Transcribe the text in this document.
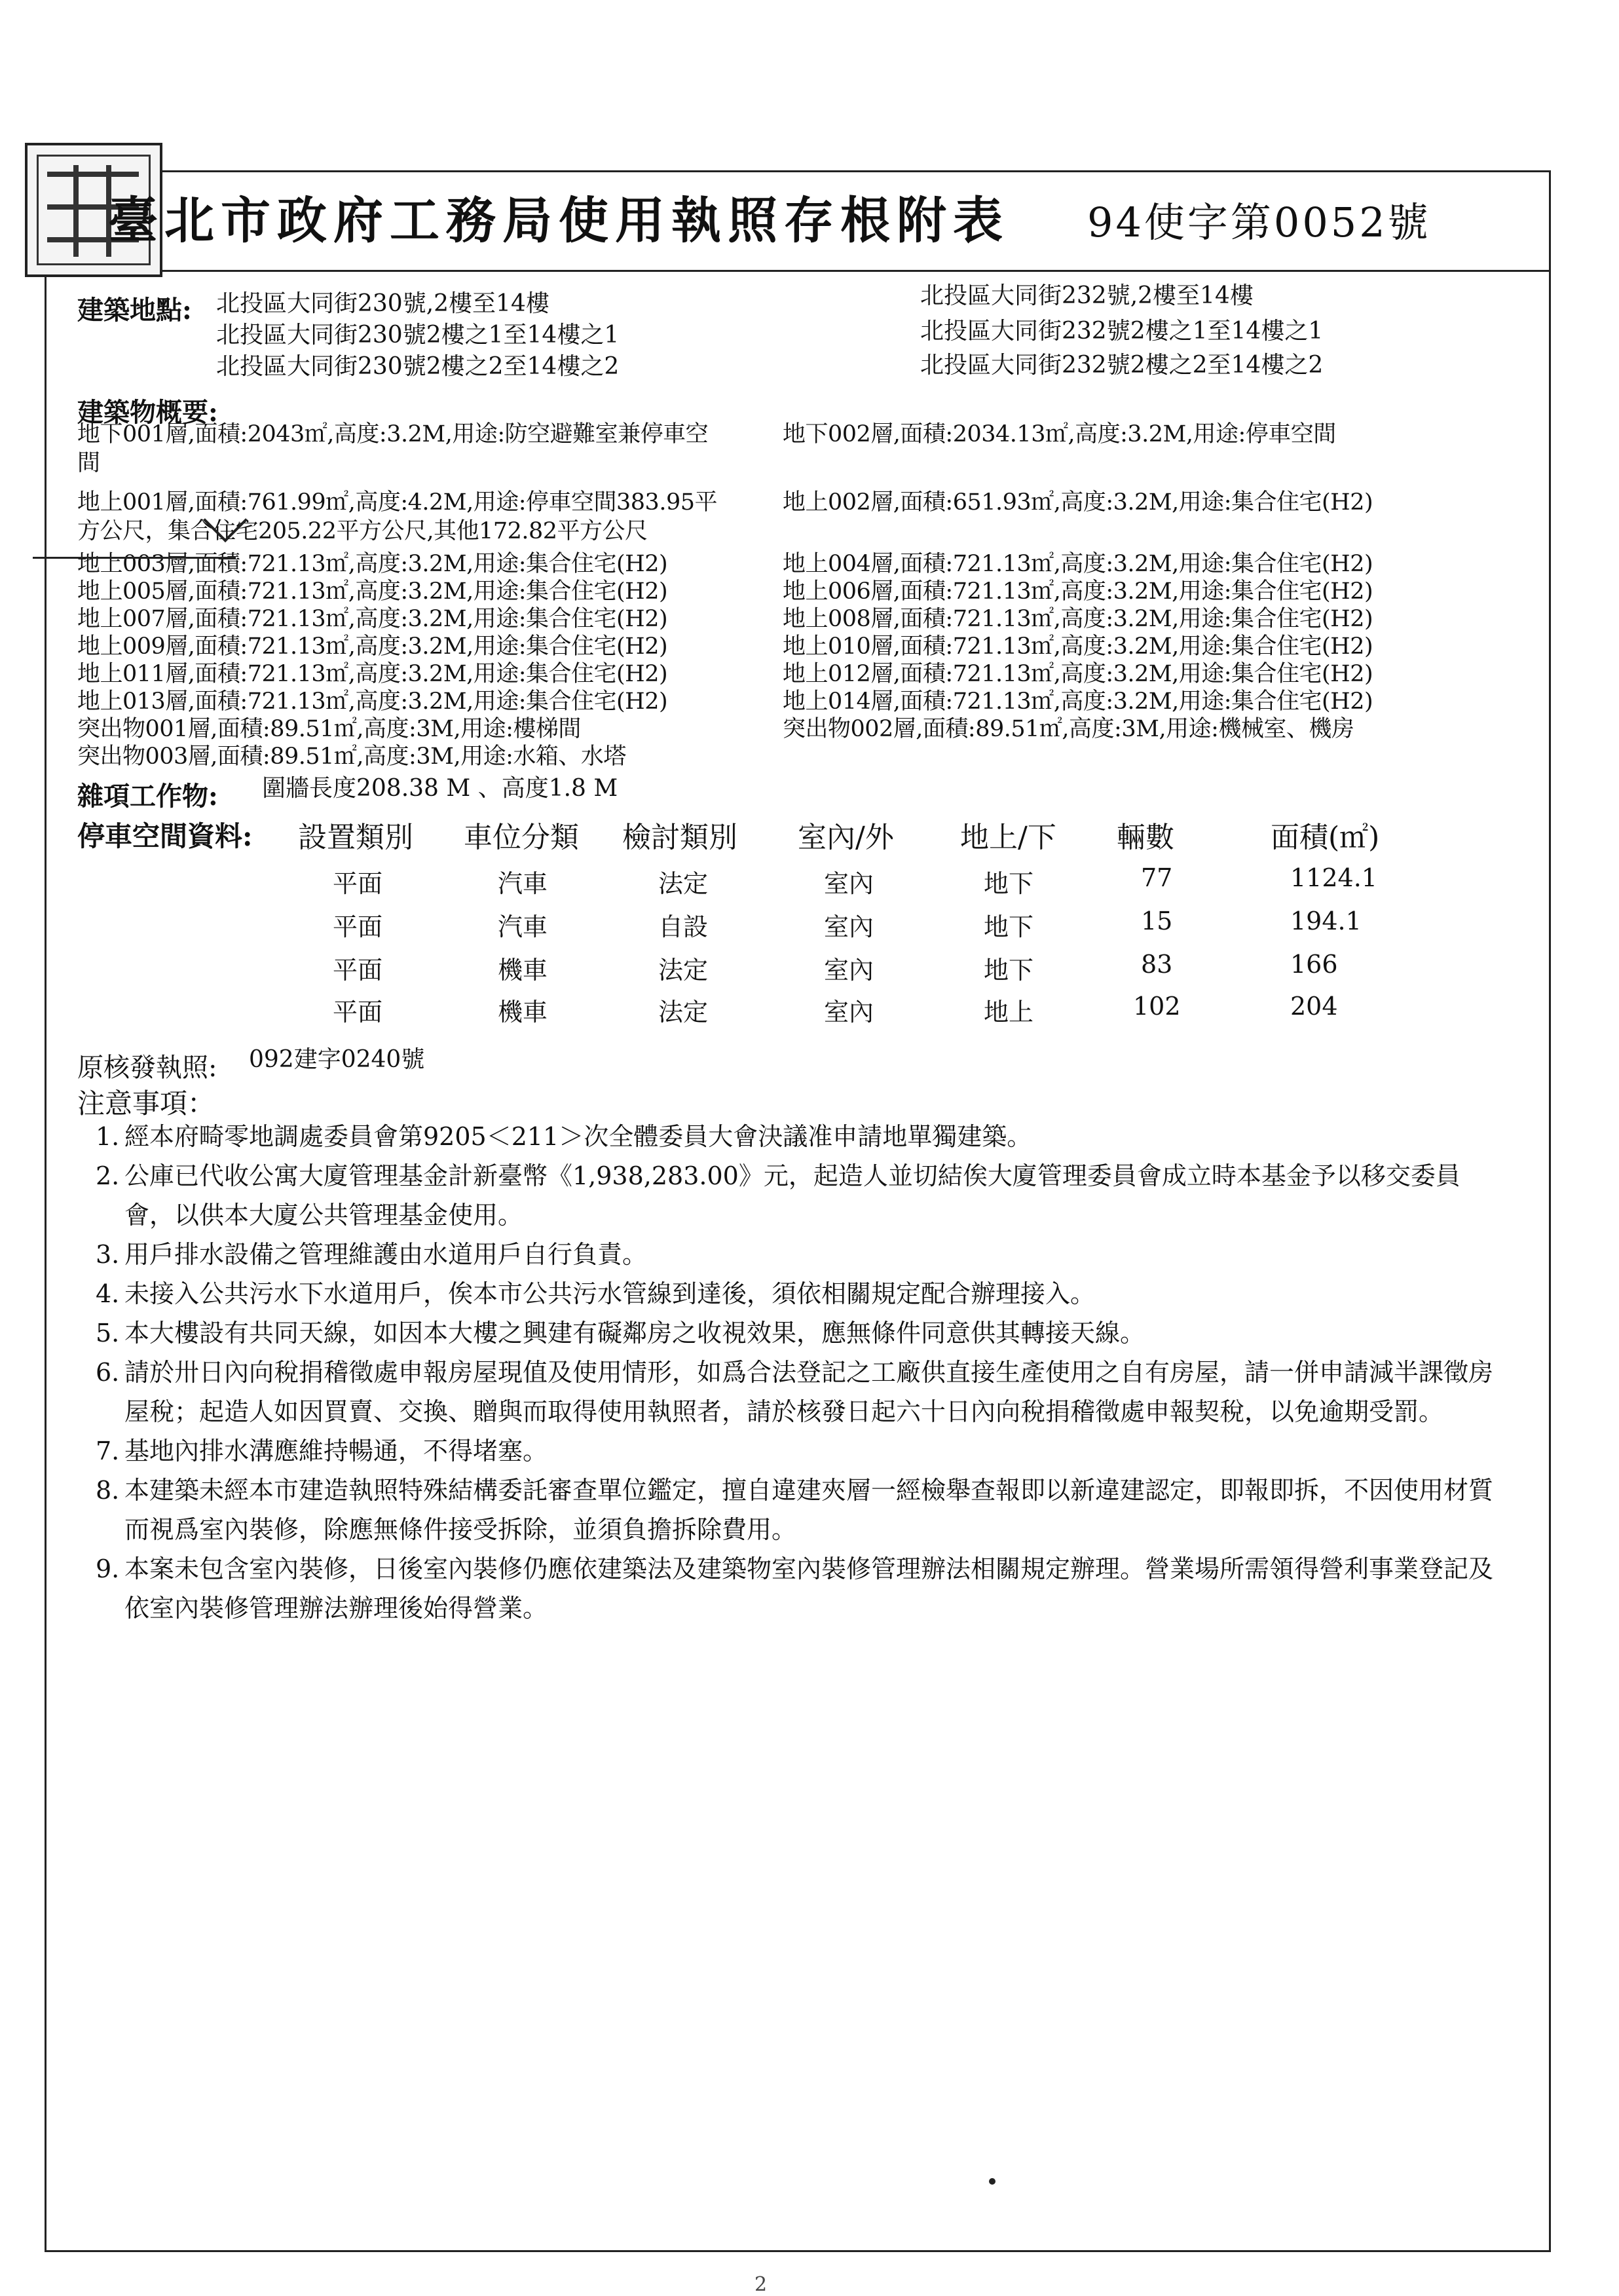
臺北市政府工務局使用執照存根附表 94使字第0052號
建築地點: 北投區大同街230號,2樓至14樓
北投區大同街230號2樓之1至14樓之1
北投區大同街230號2樓之2至14樓之2
北投區大同街232號,2樓至14樓
北投區大同街232號2樓之1至14樓之1
北投區大同街232號2樓之2至14樓之2
建築物概要:
地下001層,面積:2043㎡,高度:3.2M,用途:防空避難室兼停車空
間
地下002層,面積:2034.13㎡,高度:3.2M,用途:停車空間
地上001層,面積:761.99㎡,高度:4.2M,用途:停車空間383.95平
方公尺，集合住宅205.22平方公尺,其他172.82平方公尺
地上002層,面積:651.93㎡,高度:3.2M,用途:集合住宅(H2)
地上003層,面積:721.13㎡,高度:3.2M,用途:集合住宅(H2)
地上005層,面積:721.13㎡,高度:3.2M,用途:集合住宅(H2)
地上007層,面積:721.13㎡,高度:3.2M,用途:集合住宅(H2)
地上009層,面積:721.13㎡,高度:3.2M,用途:集合住宅(H2)
地上011層,面積:721.13㎡,高度:3.2M,用途:集合住宅(H2)
地上013層,面積:721.13㎡,高度:3.2M,用途:集合住宅(H2)
突出物001層,面積:89.51㎡,高度:3M,用途:樓梯間
突出物003層,面積:89.51㎡,高度:3M,用途:水箱、水塔
地上004層,面積:721.13㎡,高度:3.2M,用途:集合住宅(H2)
地上006層,面積:721.13㎡,高度:3.2M,用途:集合住宅(H2)
地上008層,面積:721.13㎡,高度:3.2M,用途:集合住宅(H2)
地上010層,面積:721.13㎡,高度:3.2M,用途:集合住宅(H2)
地上012層,面積:721.13㎡,高度:3.2M,用途:集合住宅(H2)
地上014層,面積:721.13㎡,高度:3.2M,用途:集合住宅(H2)
突出物002層,面積:89.51㎡,高度:3M,用途:機械室、機房
雜項工作物: 圍牆長度208.38 M 、高度1.8 M
停車空間資料: 設置類別 車位分類 檢討類別 室內/外 地上/下 輛數	面積(㎡)
平面	汽車	法定	室內	地下	77	1124.1
平面	汽車	自設	室內	地下	15	194.1
平面	機車	法定	室內	地下	83	166
平面	機車	法定	室內	地上	102	204
原核發執照: 092建字0240號
注意事項：
1. 經本府畸零地調處委員會第9205＜211＞次全體委員大會決議准申請地單獨建築。
2. 公庫已代收公寓大廈管理基金計新臺幣《1,938,283.00》元，起造人並切結俟大廈管理委員會成立時本基金予以移交委員會，以供本大廈公共管理基金使用。
3. 用戶排水設備之管理維護由水道用戶自行負責。
4. 未接入公共污水下水道用戶，俟本市公共污水管線到達後，須依相關規定配合辦理接入。
5. 本大樓設有共同天線，如因本大樓之興建有礙鄰房之收視效果，應無條件同意供其轉接天線。
6. 請於卅日內向稅捐稽徵處申報房屋現值及使用情形，如爲合法登記之工廠供直接生產使用之自有房屋，請一併申請減半課徵房屋稅；起造人如因買賣、交換、贈與而取得使用執照者，請於核發日起六十日內向稅捐稽徵處申報契稅，以免逾期受罰。
7. 基地內排水溝應維持暢通，不得堵塞。
8. 本建築未經本市建造執照特殊結構委託審查單位鑑定，擅自違建夾層一經檢舉查報即以新違建認定，即報即拆，不因使用材質而視爲室內裝修，除應無條件接受拆除，並須負擔拆除費用。
9. 本案未包含室內裝修，日後室內裝修仍應依建築法及建築物室內裝修管理辦法相關規定辦理。營業場所需領得營利事業登記及依室內裝修管理辦法辦理後始得營業。
2
